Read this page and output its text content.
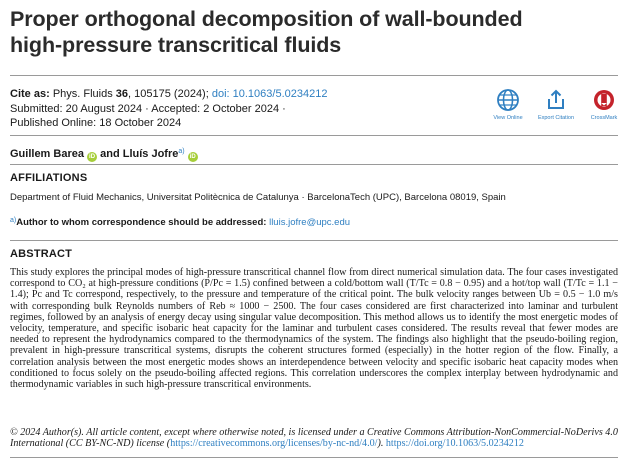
Proper orthogonal decomposition of wall-bounded
high-pressure transcritical fluids
Cite as: Phys. Fluids 36, 105175 (2024); doi: 10.1063/5.0234212
Submitted: 20 August 2024 · Accepted: 2 October 2024 ·
Published Online: 18 October 2024	View Online	Export Citation	CrossMark
Guillem Barea iD and Lluís Jofre$^{a)}$ iD
AFFILIATIONS
Department of Fluid Mechanics, Universitat Politècnica de Catalunya · BarcelonaTech (UPC), Barcelona 08019, Spain
$^{a)}$Author to whom correspondence should be addressed: lluis.jofre@upc.edu
ABSTRACT
This study explores the principal modes of high-pressure transcritical channel flow from direct numerical simulation data. The four cases investigated correspond to CO₂ at high-pressure conditions (P/Pc = 1.5) confined between a cold/bottom wall (T/Tc = 0.8 − 0.95) and a hot/top wall (T/Tc = 1.1 − 1.4); Pc and Tc correspond, respectively, to the pressure and temperature of the critical point. The bulk velocity ranges between Ub = 0.5 − 1.0 m/s with corresponding bulk Reynolds numbers of Reb ≈ 1000 − 2500. The four cases considered are first characterized into laminar and turbulent regimes, followed by an analysis of energy decay using singular value decomposition. This method allows us to identify the most energetic modes of velocity, temperature, and specific isobaric heat capacity for the laminar and turbulent cases considered. The results reveal that fewer modes are needed to represent the hydrodynamics compared to the thermodynamics of the system. The findings also highlight that the pseudo-boiling region, prevalent in high-pressure transcritical systems, disrupts the coherent structures formed (especially) in the hotter region of the flow. Finally, a correlation analysis between the most energetic modes shows an interdependence between velocity and specific isobaric heat capacity modes when conditioned to focus solely on the pseudo-boiling affected regions. This correlation underscores the complex interplay between hydrodynamic and thermodynamic variables in such high-pressure transcritical environments.
© 2024 Author(s). All article content, except where otherwise noted, is licensed under a Creative Commons Attribution-NonCommercial-NoDerivs 4.0 International (CC BY-NC-ND) license (https://creativecommons.org/licenses/by-nc-nd/4.0/). https://doi.org/10.1063/5.0234212
